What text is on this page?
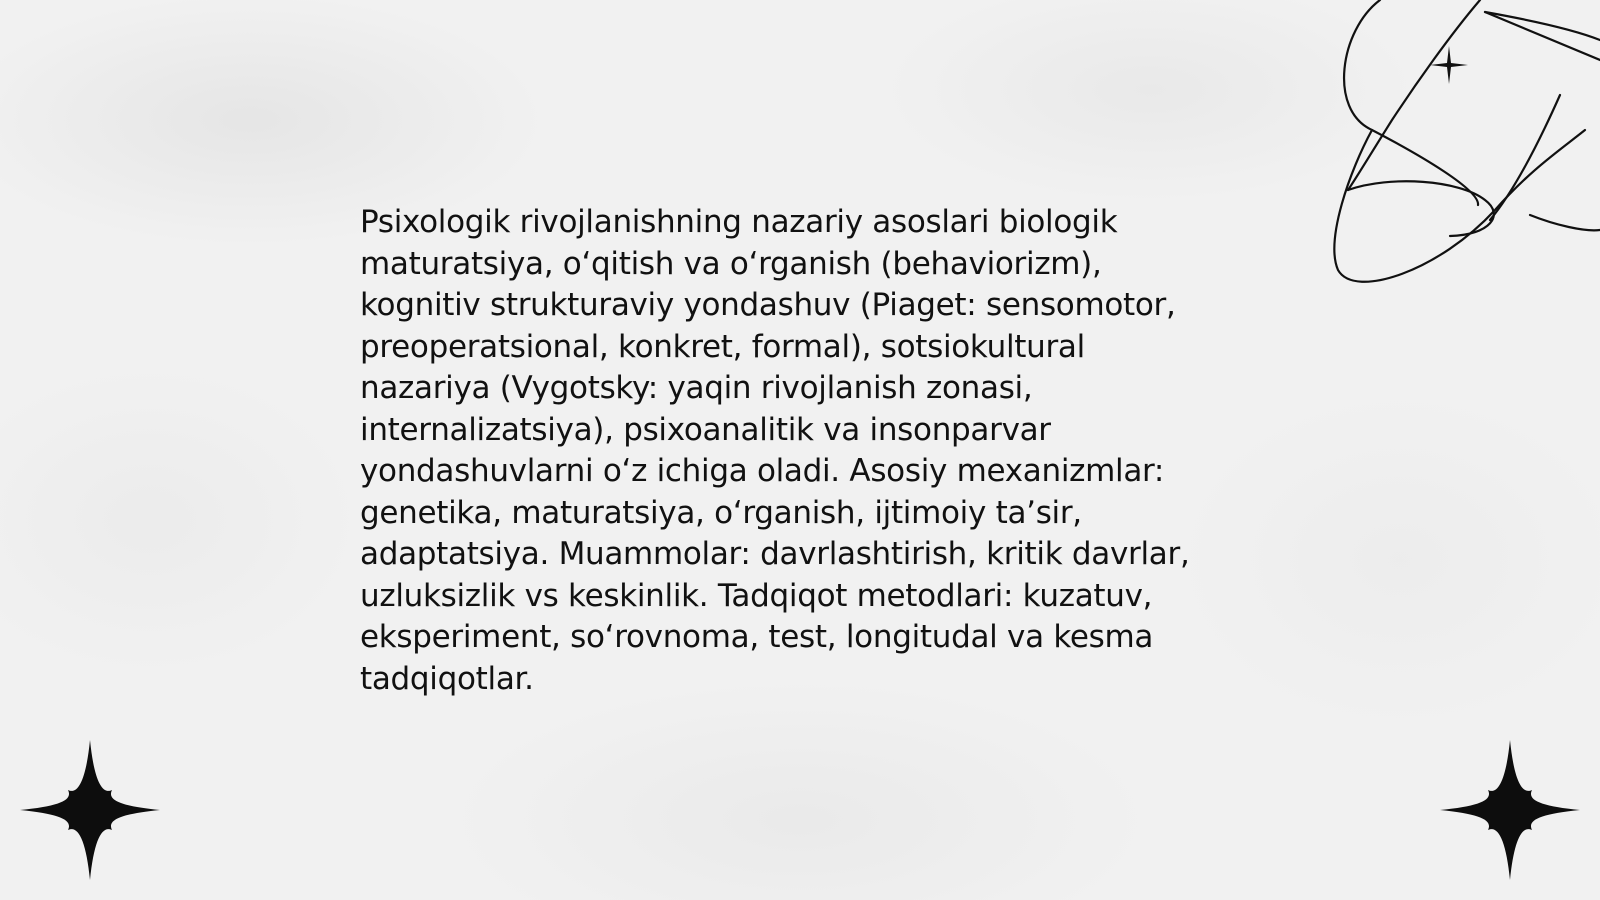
Psixologik rivojlanishning nazariy asoslari biologik
maturatsiya, o‘qitish va o‘rganish (behaviorizm),
kognitiv strukturaviy yondashuv (Piaget: sensomotor,
preoperatsional, konkret, formal), sotsiokultural
nazariya (Vygotsky: yaqin rivojlanish zonasi,
internalizatsiya), psixoanalitik va insonparvar
yondashuvlarni o‘z ichiga oladi. Asosiy mexanizmlar:
genetika, maturatsiya, o‘rganish, ijtimoiy ta’sir,
adaptatsiya. Muammolar: davrlashtirish, kritik davrlar,
uzluksizlik vs keskinlik. Tadqiqot metodlari: kuzatuv,
eksperiment, so‘rovnoma, test, longitudal va kesma
tadqiqotlar.
